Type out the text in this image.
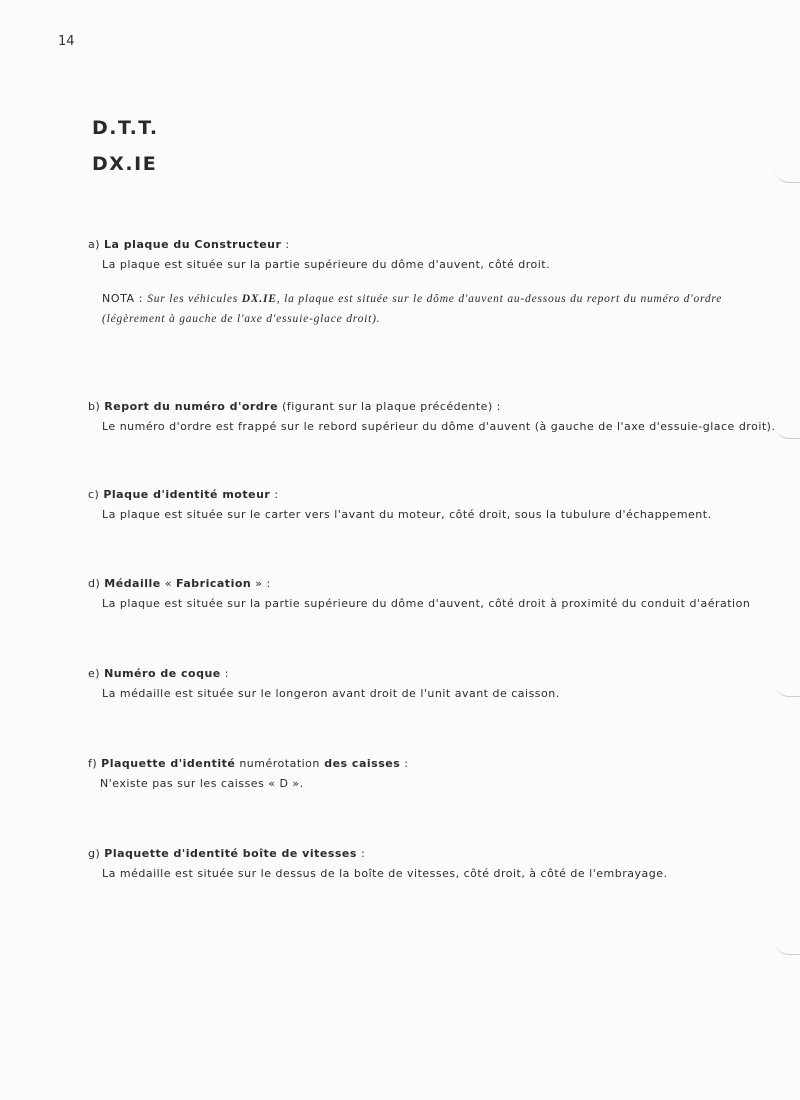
14
D.T.T.
DX.IE
a) La plaque du Constructeur :
La plaque est située sur la partie supérieure du dôme d'auvent, côté droit.
NOTA : Sur les véhicules DX.IE, la plaque est située sur le dôme d'auvent au-dessous du report du numéro d'ordre (légèrement à gauche de l'axe d'essuie-glace droit).
b) Report du numéro d'ordre (figurant sur la plaque précédente) :
Le numéro d'ordre est frappé sur le rebord supérieur du dôme d'auvent (à gauche de l'axe d'essuie-glace droit).
c) Plaque d'identité moteur :
La plaque est située sur le carter vers l'avant du moteur, côté droit, sous la tubulure d'échappement.
d) Médaille « Fabrication » :
La plaque est située sur la partie supérieure du dôme d'auvent, côté droit à proximité du conduit d'aération
e) Numéro de coque :
La médaille est située sur le longeron avant droit de l'unit avant de caisson.
f) Plaquette d'identité numérotation des caisses :
N'existe pas sur les caisses « D ».
g) Plaquette d'identité boîte de vitesses :
La médaille est située sur le dessus de la boîte de vitesses, côté droit, à côté de l'embrayage.
